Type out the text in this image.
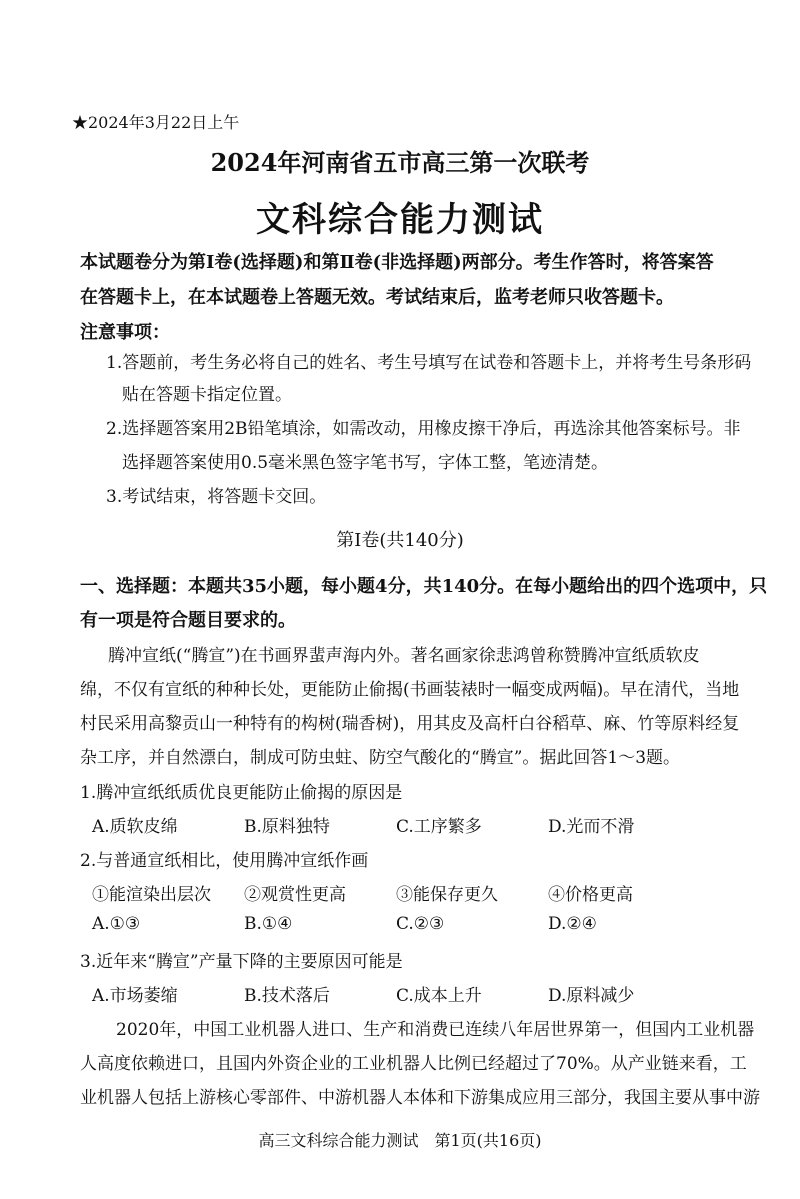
★2024年3月22日上午
2024年河南省五市高三第一次联考
文科综合能力测试
本试题卷分为第Ⅰ卷(选择题)和第Ⅱ卷(非选择题)两部分。考生作答时，将答案答
在答题卡上，在本试题卷上答题无效。考试结束后，监考老师只收答题卡。
注意事项：
1.答题前，考生务必将自己的姓名、考生号填写在试卷和答题卡上，并将考生号条形码
贴在答题卡指定位置。
2.选择题答案用2B铅笔填涂，如需改动，用橡皮擦干净后，再选涂其他答案标号。非
选择题答案使用0.5毫米黑色签字笔书写，字体工整，笔迹清楚。
3.考试结束，将答题卡交回。
第Ⅰ卷(共140分)
一、选择题：本题共35小题，每小题4分，共140分。在每小题给出的四个选项中，只
有一项是符合题目要求的。
腾冲宣纸(“腾宣”)在书画界蜚声海内外。著名画家徐悲鸿曾称赞腾冲宣纸质软皮
绵，不仅有宣纸的种种长处，更能防止偷揭(书画装裱时一幅变成两幅)。早在清代，当地
村民采用高黎贡山一种特有的构树(瑞香树)，用其皮及高杆白谷稻草、麻、竹等原料经复
杂工序，并自然漂白，制成可防虫蛀、防空气酸化的“腾宣”。据此回答1～3题。
1.腾冲宣纸纸质优良更能防止偷揭的原因是
A.质软皮绵	B.原料独特	C.工序繁多	D.光而不滑
2.与普通宣纸相比，使用腾冲宣纸作画
①能渲染出层次 ②观赏性更高	③能保存更久	④价格更高
A.①③	B.①④	C.②③	D.②④
3.近年来“腾宣”产量下降的主要原因可能是
A.市场萎缩	B.技术落后	C.成本上升	D.原料减少
2020年，中国工业机器人进口、生产和消费已连续八年居世界第一，但国内工业机器
人高度依赖进口，且国内外资企业的工业机器人比例已经超过了70%。从产业链来看，工
业机器人包括上游核心零部件、中游机器人本体和下游集成应用三部分，我国主要从事中游
高三文科综合能力测试　第1页(共16页)
